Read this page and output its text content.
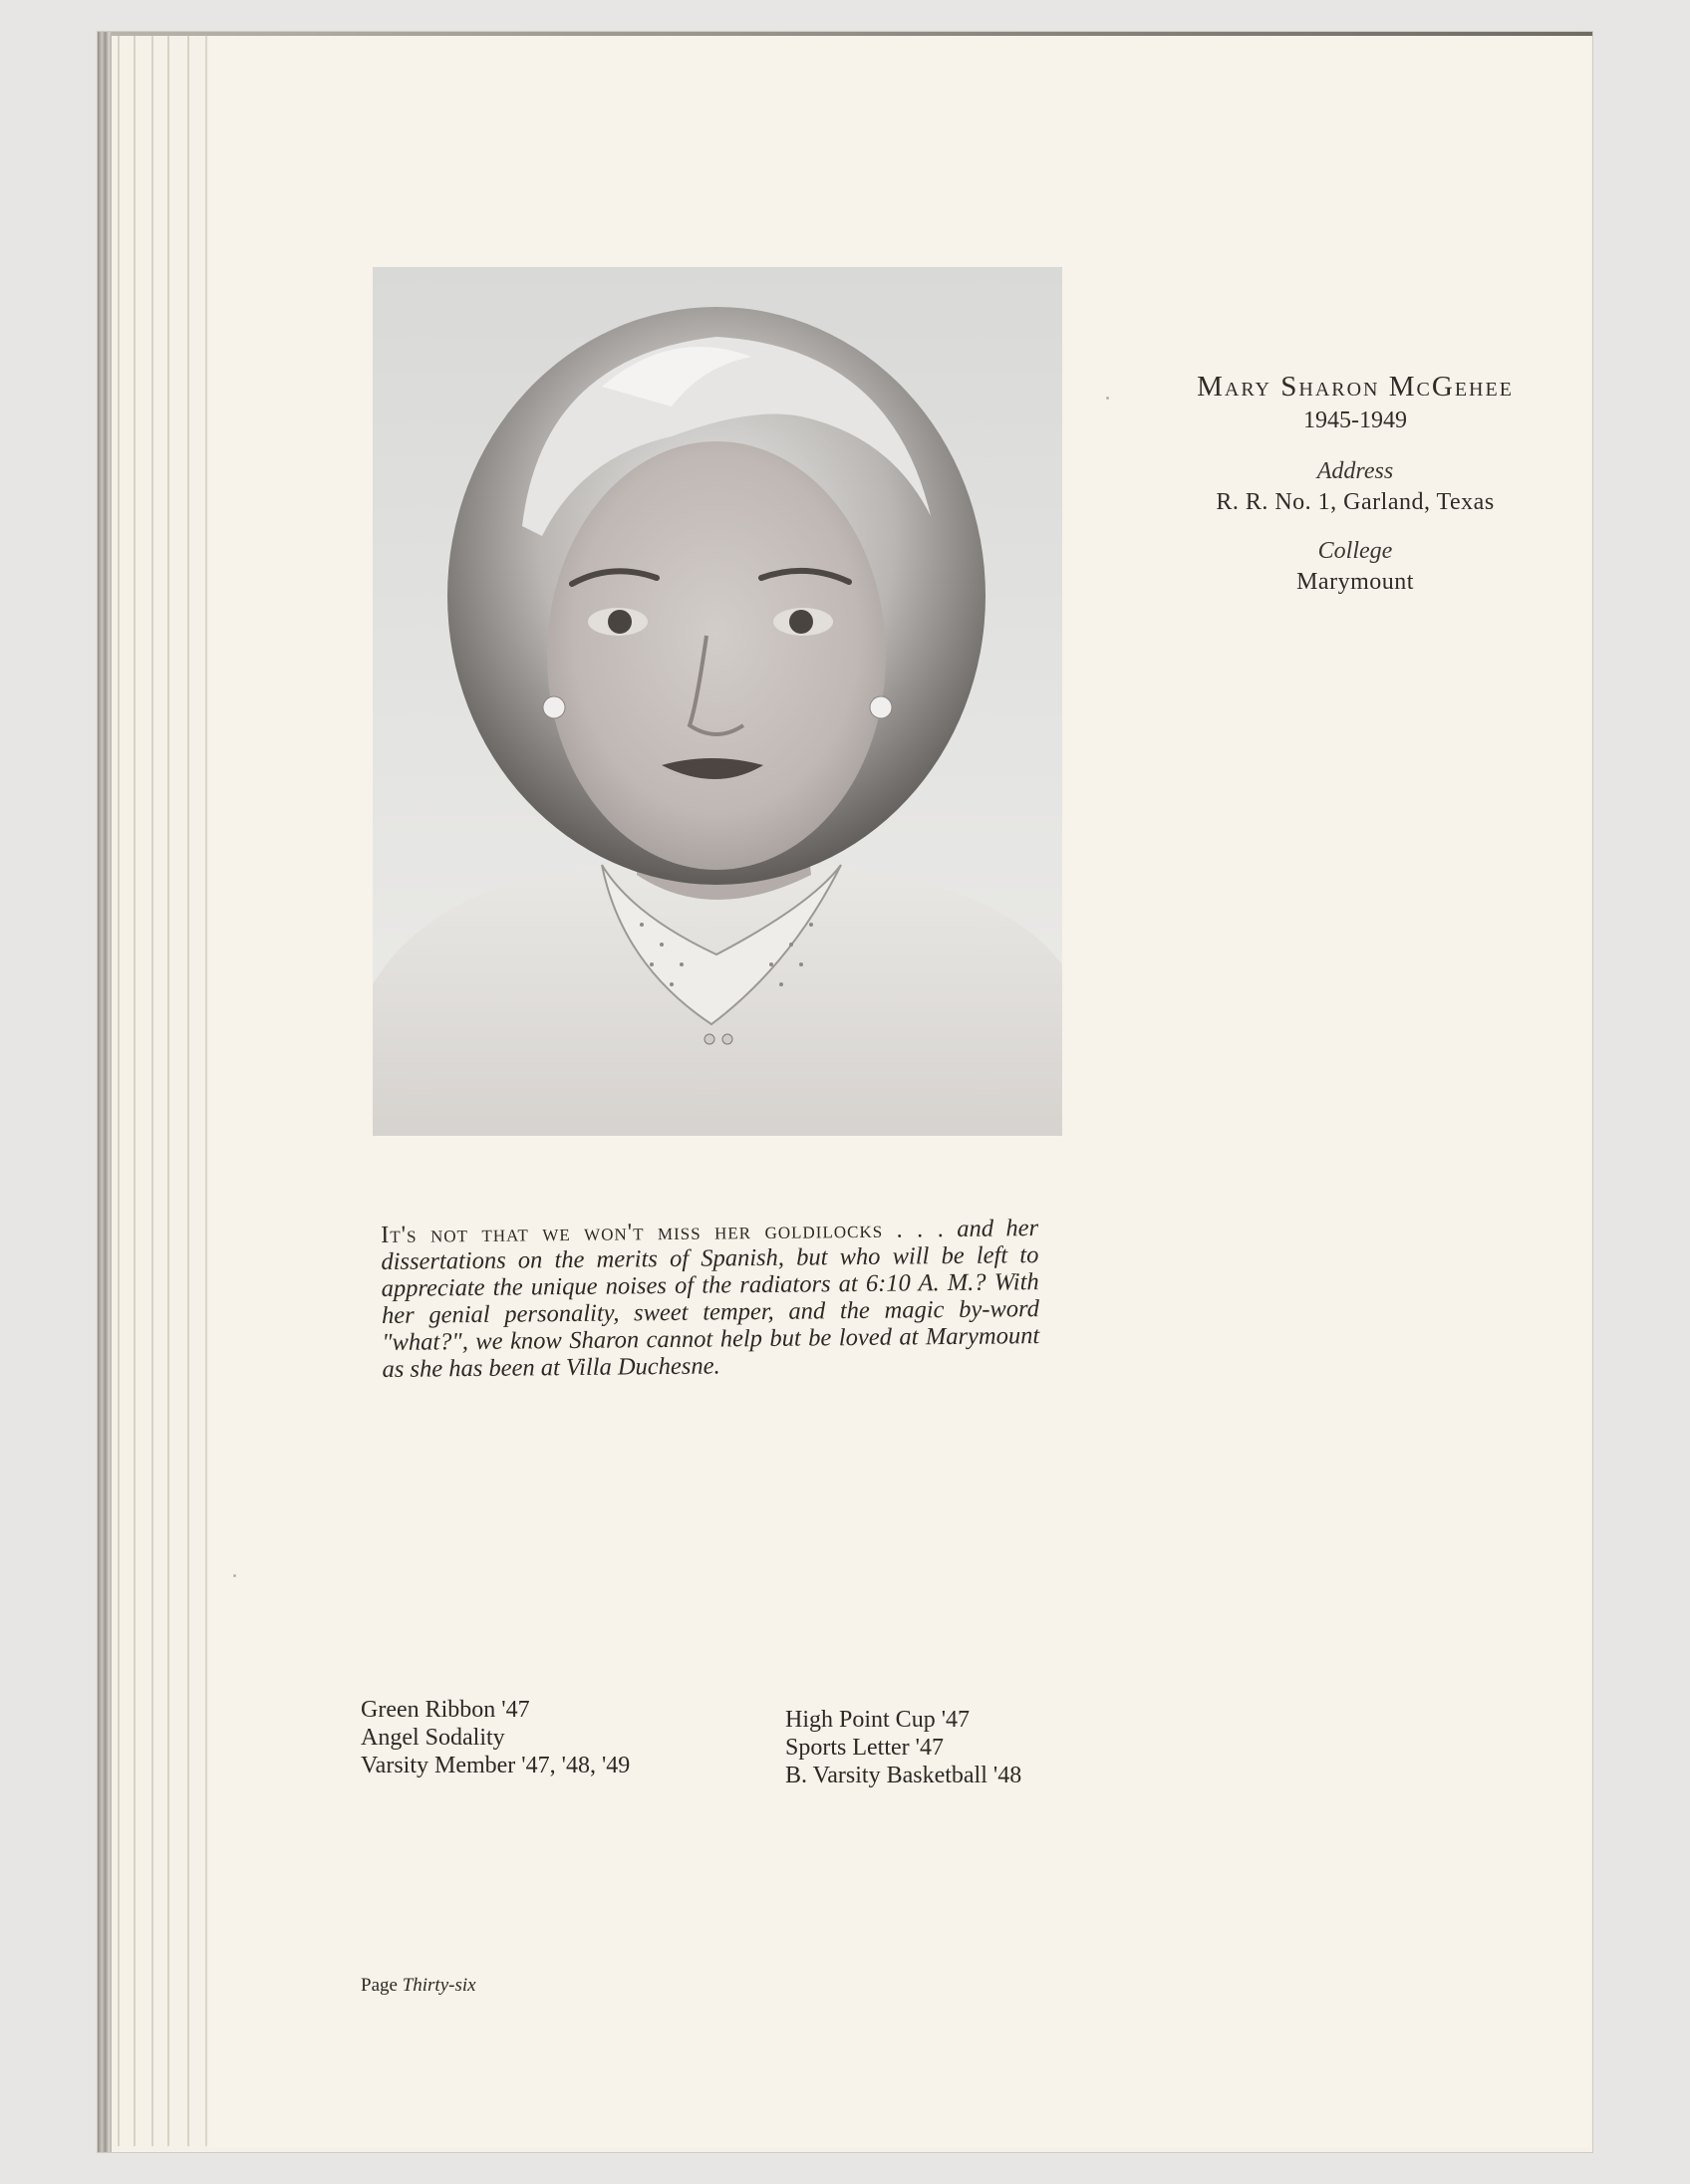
Mary Sharon McGehee

1945-1949

Address

R. R. No. 1, Garland, Texas

College

Marymount

It's not that we won't miss her goldilocks . . . and her dissertations on the merits of Spanish, but who will be left to appreciate the unique noises of the radiators at 6:10 A. M.? With her genial personality, sweet temper, and the magic by-word "what?", we know Sharon cannot help but be loved at Marymount as she has been at Villa Duchesne.
Green Ribbon '47
Angel Sodality
Varsity Member '47, '48, '49
High Point Cup '47
Sports Letter '47
B. Varsity Basketball '48
Page Thirty-six
